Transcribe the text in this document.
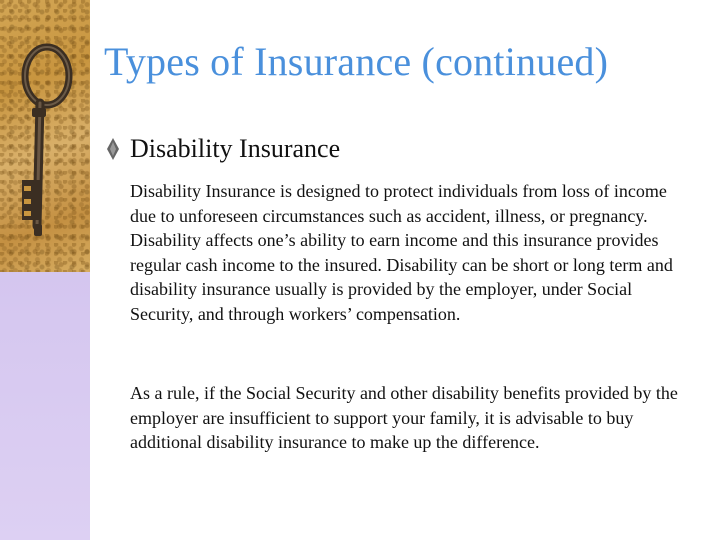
Types of Insurance (continued)
Disability Insurance

Disability Insurance is designed to protect individuals from loss of income due to unforeseen circumstances such as accident, illness, or pregnancy. Disability affects one’s ability to earn income and this insurance provides regular cash income to the insured. Disability can be short or long term and disability insurance usually is provided by the employer, under Social Security, and through workers’ compensation.

As a rule, if the Social Security and other disability benefits provided by the employer are insufficient to support your family, it is advisable to buy additional disability insurance to make up the difference.
